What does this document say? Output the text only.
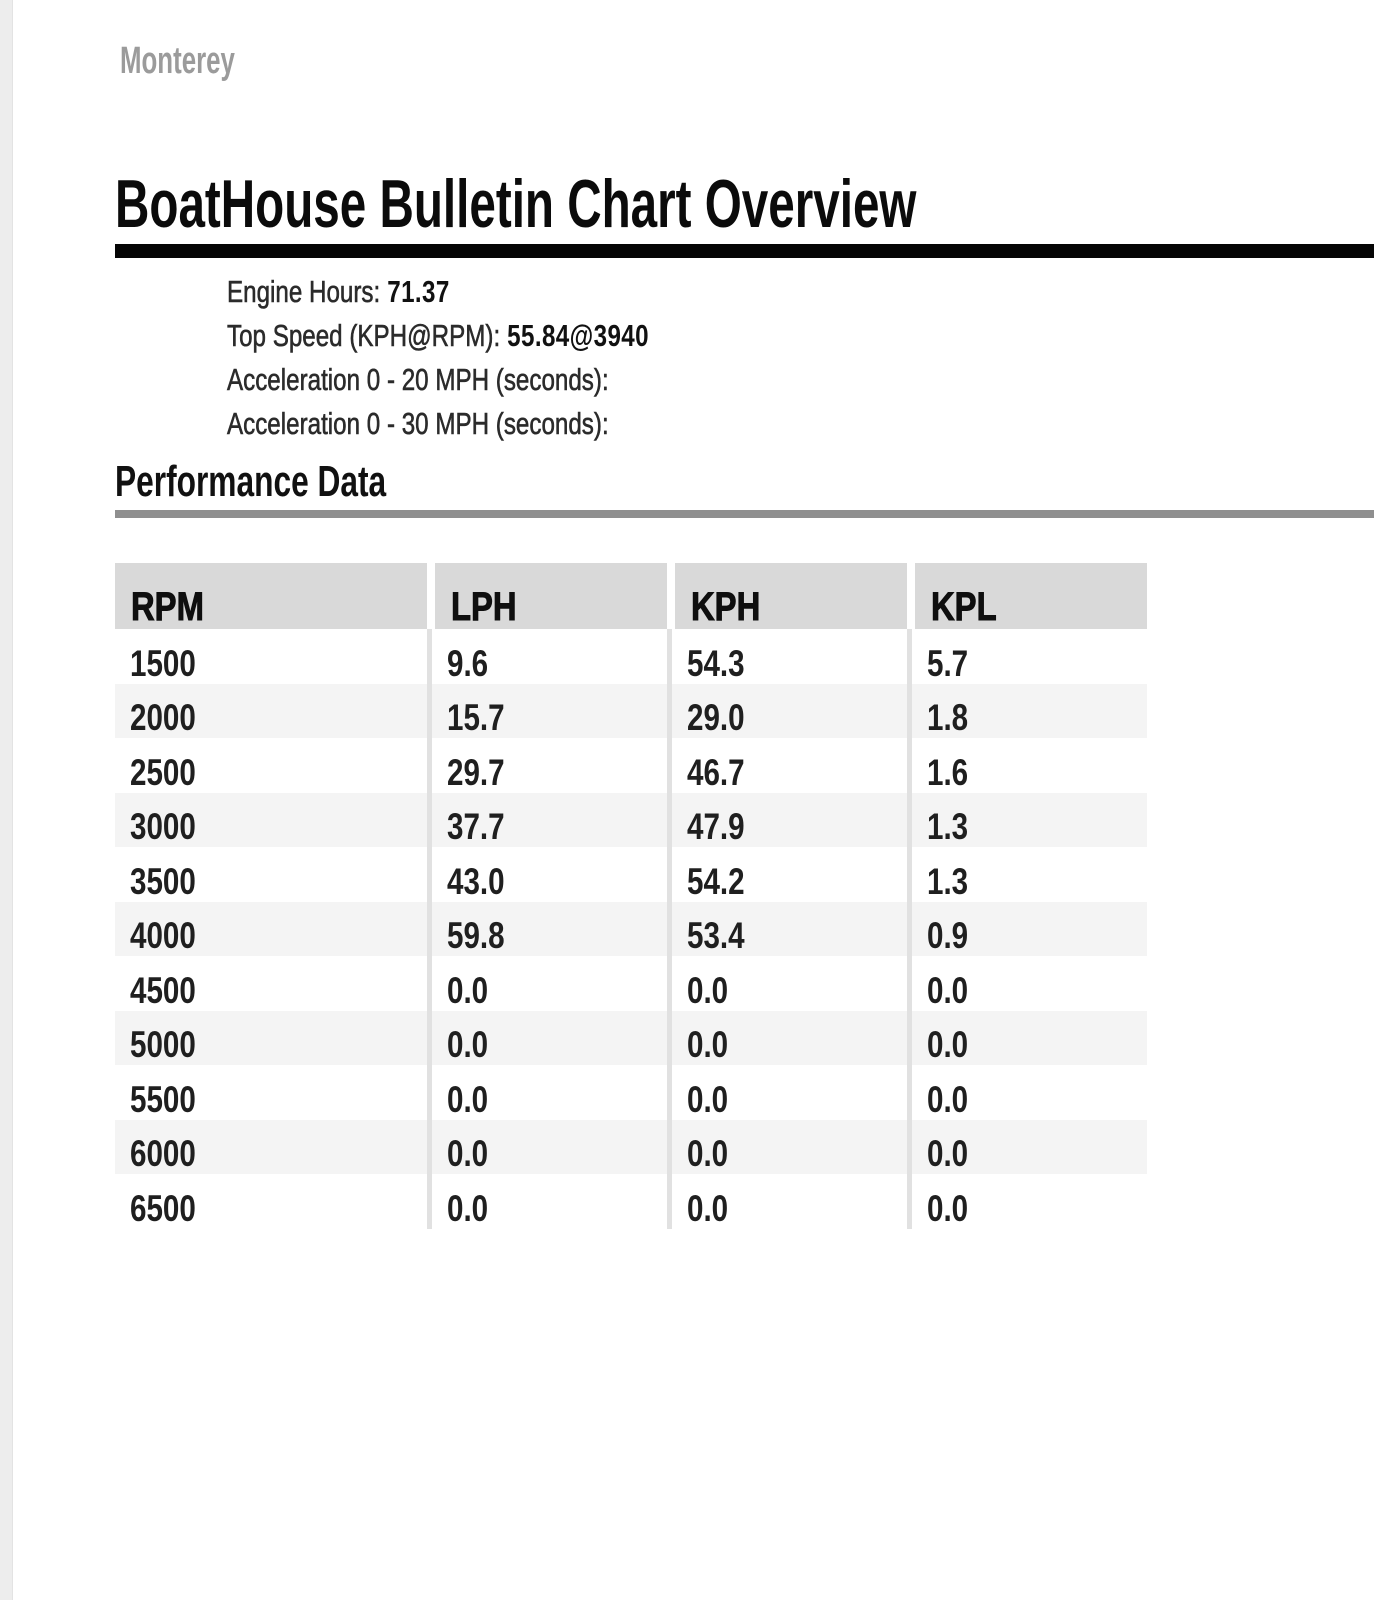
Monterey
BoatHouse Bulletin Chart Overview
Engine Hours: 71.37
Top Speed (KPH@RPM): 55.84@3940
Acceleration 0 - 20 MPH (seconds):
Acceleration 0 - 30 MPH (seconds):
Performance Data
RPM	LPH	KPH	KPL
1500	9.6	54.3	5.7
2000	15.7	29.0	1.8
2500	29.7	46.7	1.6
3000	37.7	47.9	1.3
3500	43.0	54.2	1.3
4000	59.8	53.4	0.9
4500	0.0	0.0	0.0
5000	0.0	0.0	0.0
5500	0.0	0.0	0.0
6000	0.0	0.0	0.0
6500	0.0	0.0	0.0
